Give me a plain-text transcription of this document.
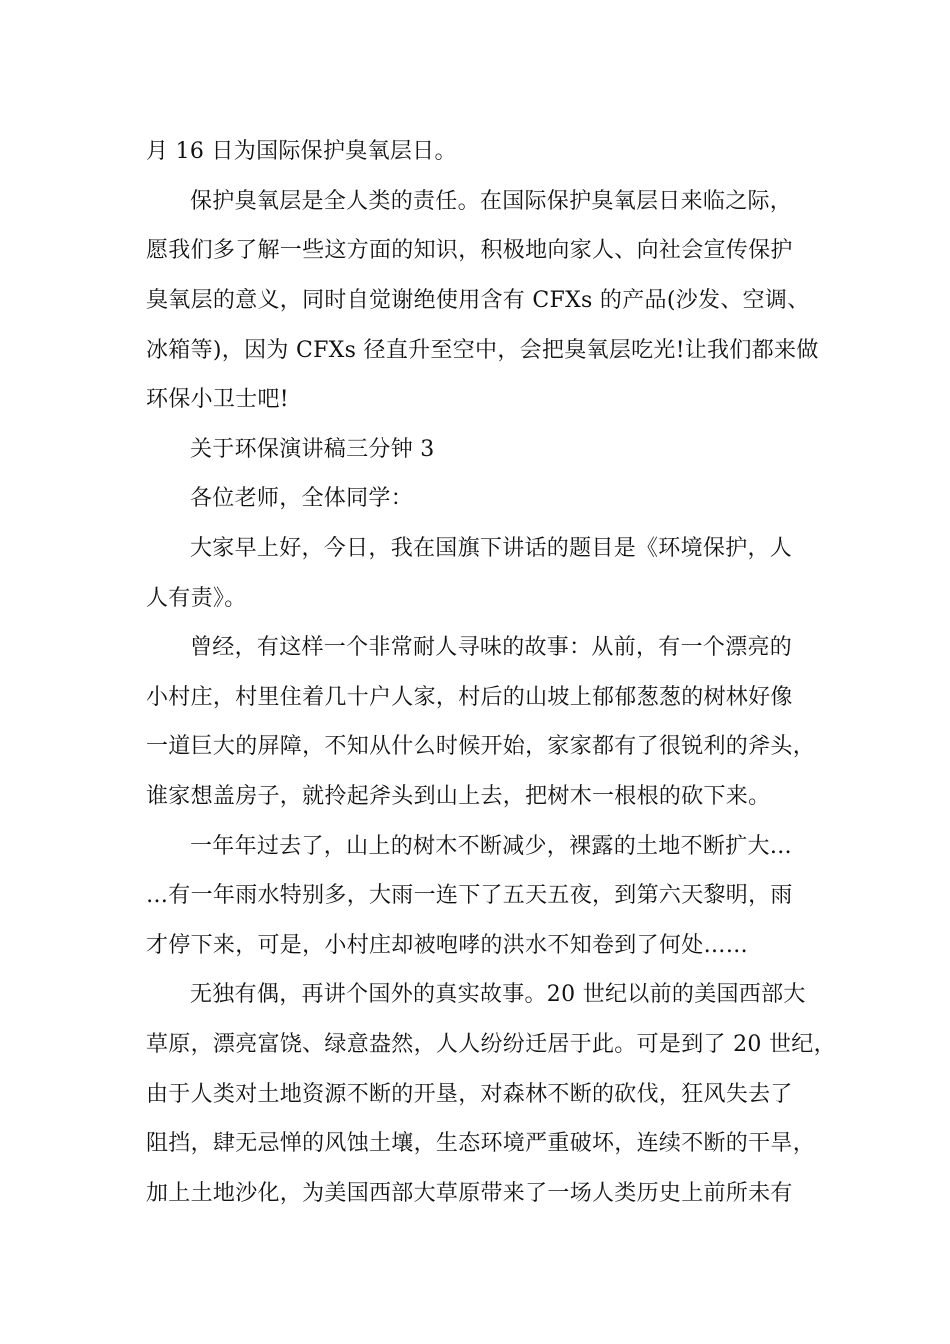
月 16 日为国际保护臭氧层日。
保护臭氧层是全人类的责任。在国际保护臭氧层日来临之际，
愿我们多了解一些这方面的知识，积极地向家人、向社会宣传保护
臭氧层的意义，同时自觉谢绝使用含有 CFXs 的产品(沙发、空调、
冰箱等)，因为 CFXs 径直升至空中，会把臭氧层吃光!让我们都来做
环保小卫士吧!
关于环保演讲稿三分钟 3
各位老师，全体同学：
大家早上好，今日，我在国旗下讲话的题目是《环境保护，人
人有责》。
曾经，有这样一个非常耐人寻味的故事：从前，有一个漂亮的
小村庄，村里住着几十户人家，村后的山坡上郁郁葱葱的树林好像
一道巨大的屏障，不知从什么时候开始，家家都有了很锐利的斧头，
谁家想盖房子，就拎起斧头到山上去，把树木一根根的砍下来。
一年年过去了，山上的树木不断减少，裸露的土地不断扩大…
…有一年雨水特别多，大雨一连下了五天五夜，到第六天黎明，雨
才停下来，可是，小村庄却被咆哮的洪水不知卷到了何处……
无独有偶，再讲个国外的真实故事。20 世纪以前的美国西部大
草原，漂亮富饶、绿意盎然，人人纷纷迁居于此。可是到了 20 世纪，
由于人类对土地资源不断的开垦，对森林不断的砍伐，狂风失去了
阻挡，肆无忌惮的风蚀土壤，生态环境严重破坏，连续不断的干旱，
加上土地沙化，为美国西部大草原带来了一场人类历史上前所未有
